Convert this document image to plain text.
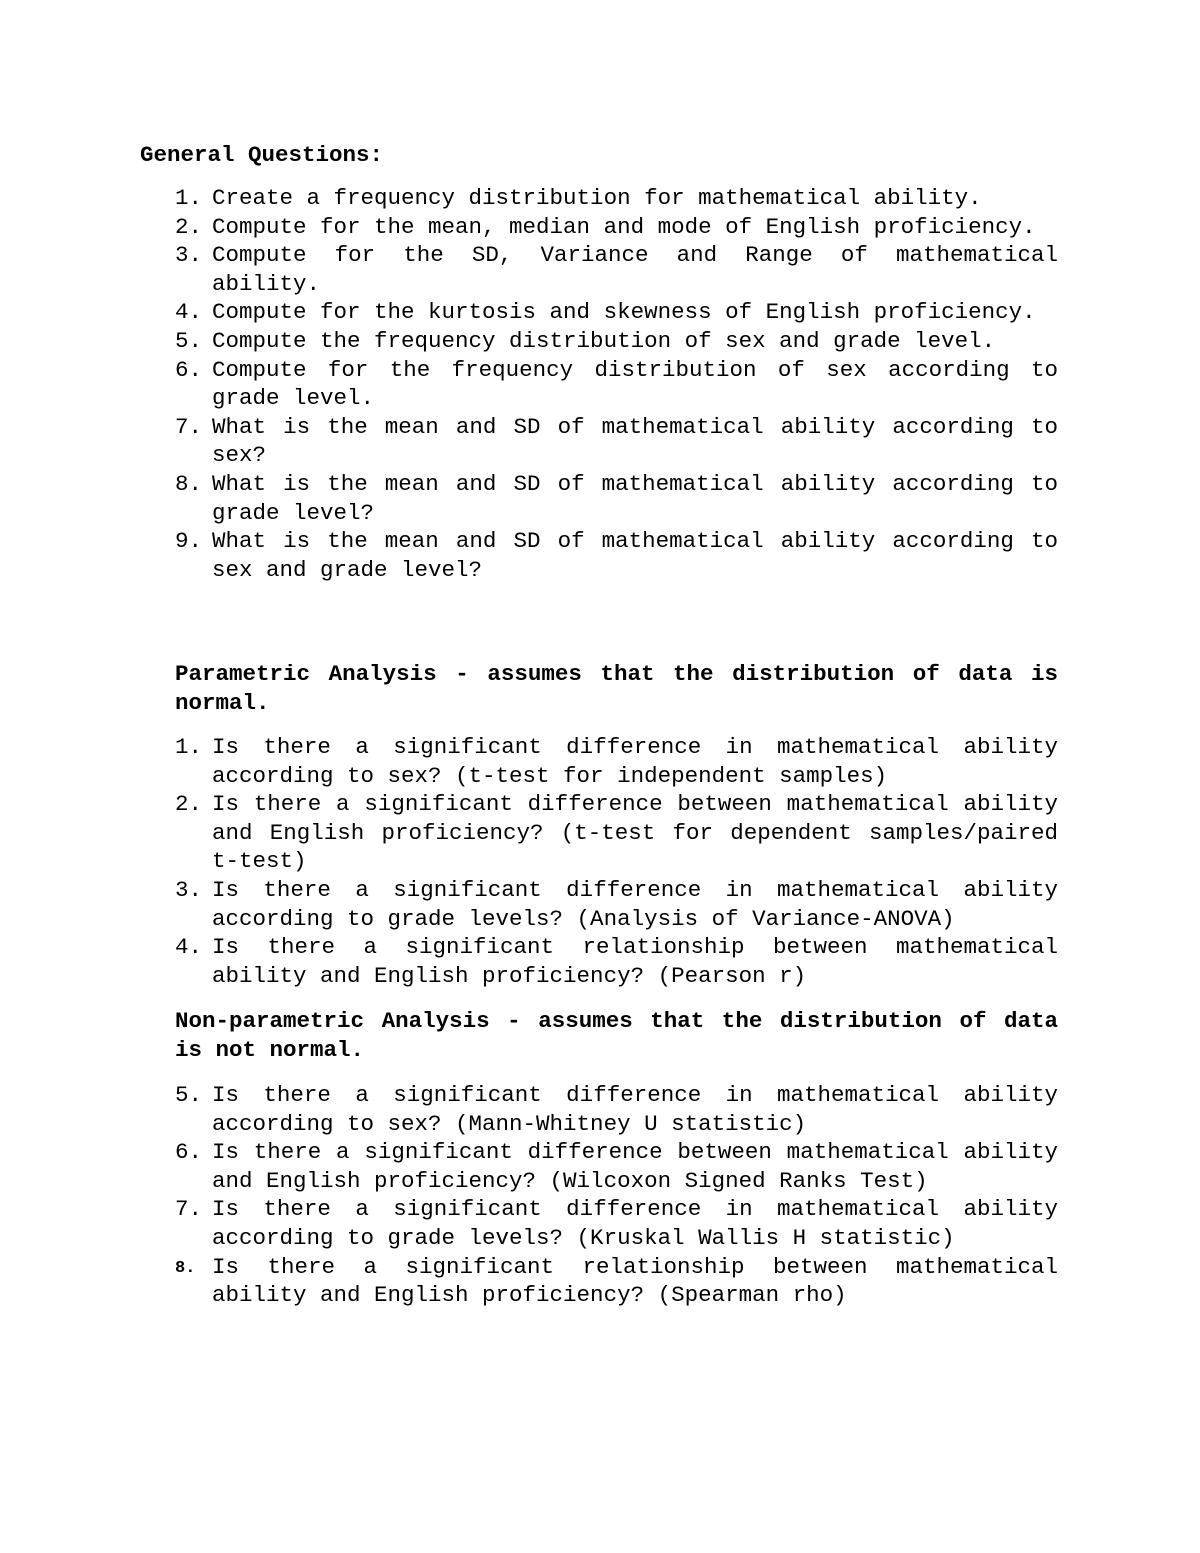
General Questions:
1. Create a frequency distribution for mathematical ability.
2. Compute for the mean, median and mode of English proficiency.
3. Compute for the SD, Variance and Range of mathematical ability.
4. Compute for the kurtosis and skewness of English proficiency.
5. Compute the frequency distribution of sex and grade level.
6. Compute for the frequency distribution of sex according to grade level.
7. What is the mean and SD of mathematical ability according to sex?
8. What is the mean and SD of mathematical ability according to grade level?
9. What is the mean and SD of mathematical ability according to sex and grade level?
Parametric Analysis - assumes that the distribution of data is normal.
1. Is there a significant difference in mathematical ability according to sex? (t-test for independent samples)
2. Is there a significant difference between mathematical ability and English proficiency? (t-test for dependent samples/paired t-test)
3. Is there a significant difference in mathematical ability according to grade levels? (Analysis of Variance-ANOVA)
4. Is there a significant relationship between mathematical ability and English proficiency? (Pearson r)
Non-parametric Analysis - assumes that the distribution of data is not normal.
5. Is there a significant difference in mathematical ability according to sex? (Mann-Whitney U statistic)
6. Is there a significant difference between mathematical ability and English proficiency? (Wilcoxon Signed Ranks Test)
7. Is there a significant difference in mathematical ability according to grade levels? (Kruskal Wallis H statistic)
8. Is there a significant relationship between mathematical ability and English proficiency? (Spearman rho)
